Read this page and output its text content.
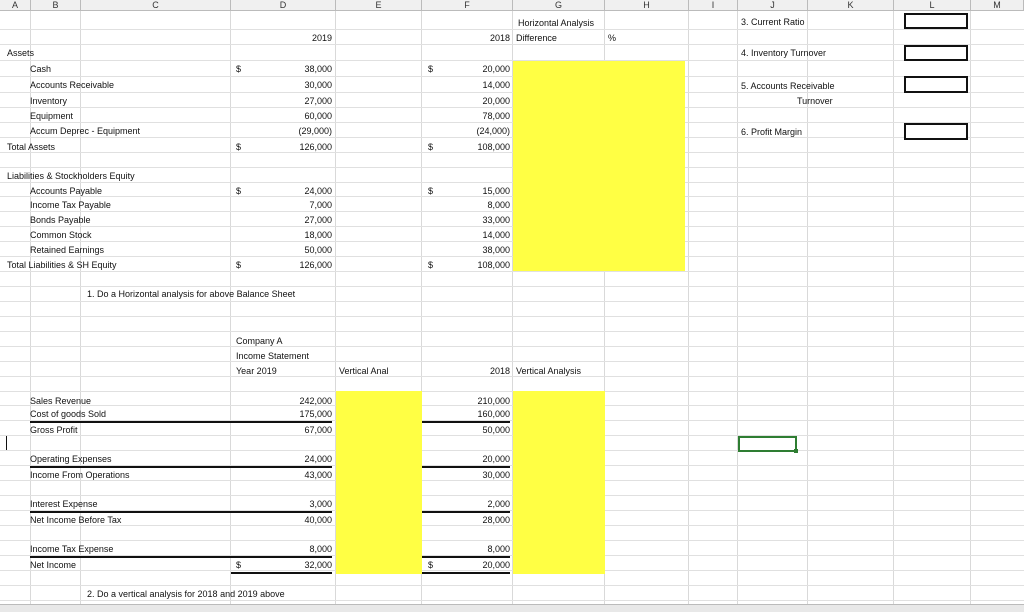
A	B	C	D	E	F	G	H	I	J	K	L	M
Horizontal Analysis
2019	2018 Difference	%
Assets
Cash	$	38,000	$	20,000
Accounts Receivable	30,000	14,000
Inventory	27,000	20,000
Equipment	60,000	78,000
Accum Deprec - Equipment	(29,000)	(24,000)
Total Assets	$	126,000	$	108,000
Liabilities & Stockholders Equity
Accounts Payable	$	24,000	$	15,000
Income Tax Payable	7,000	8,000
Bonds Payable	27,000	33,000
Common Stock	18,000	14,000
Retained Earnings	50,000	38,000
Total Liabilities & SH Equity	$	126,000	$	108,000
1. Do a Horizontal analysis for above Balance Sheet
Company A
Income Statement
Year 2019	Vertical Anal	2018 Vertical Analysis
Sales Revenue	242,000	210,000
Cost of goods Sold	175,000	160,000
Gross Profit	67,000	50,000
Operating Expenses	24,000	20,000
Income From Operations	43,000	30,000
Interest Expense	3,000	2,000
Net Income Before Tax	40,000	28,000
Income Tax Expense	8,000	8,000
Net Income	$	32,000	$	20,000
2. Do a vertical analysis for 2018 and 2019 above
3. Current Ratio
4. Inventory Turnover
5. Accounts Receivable
Turnover
6. Profit Margin
